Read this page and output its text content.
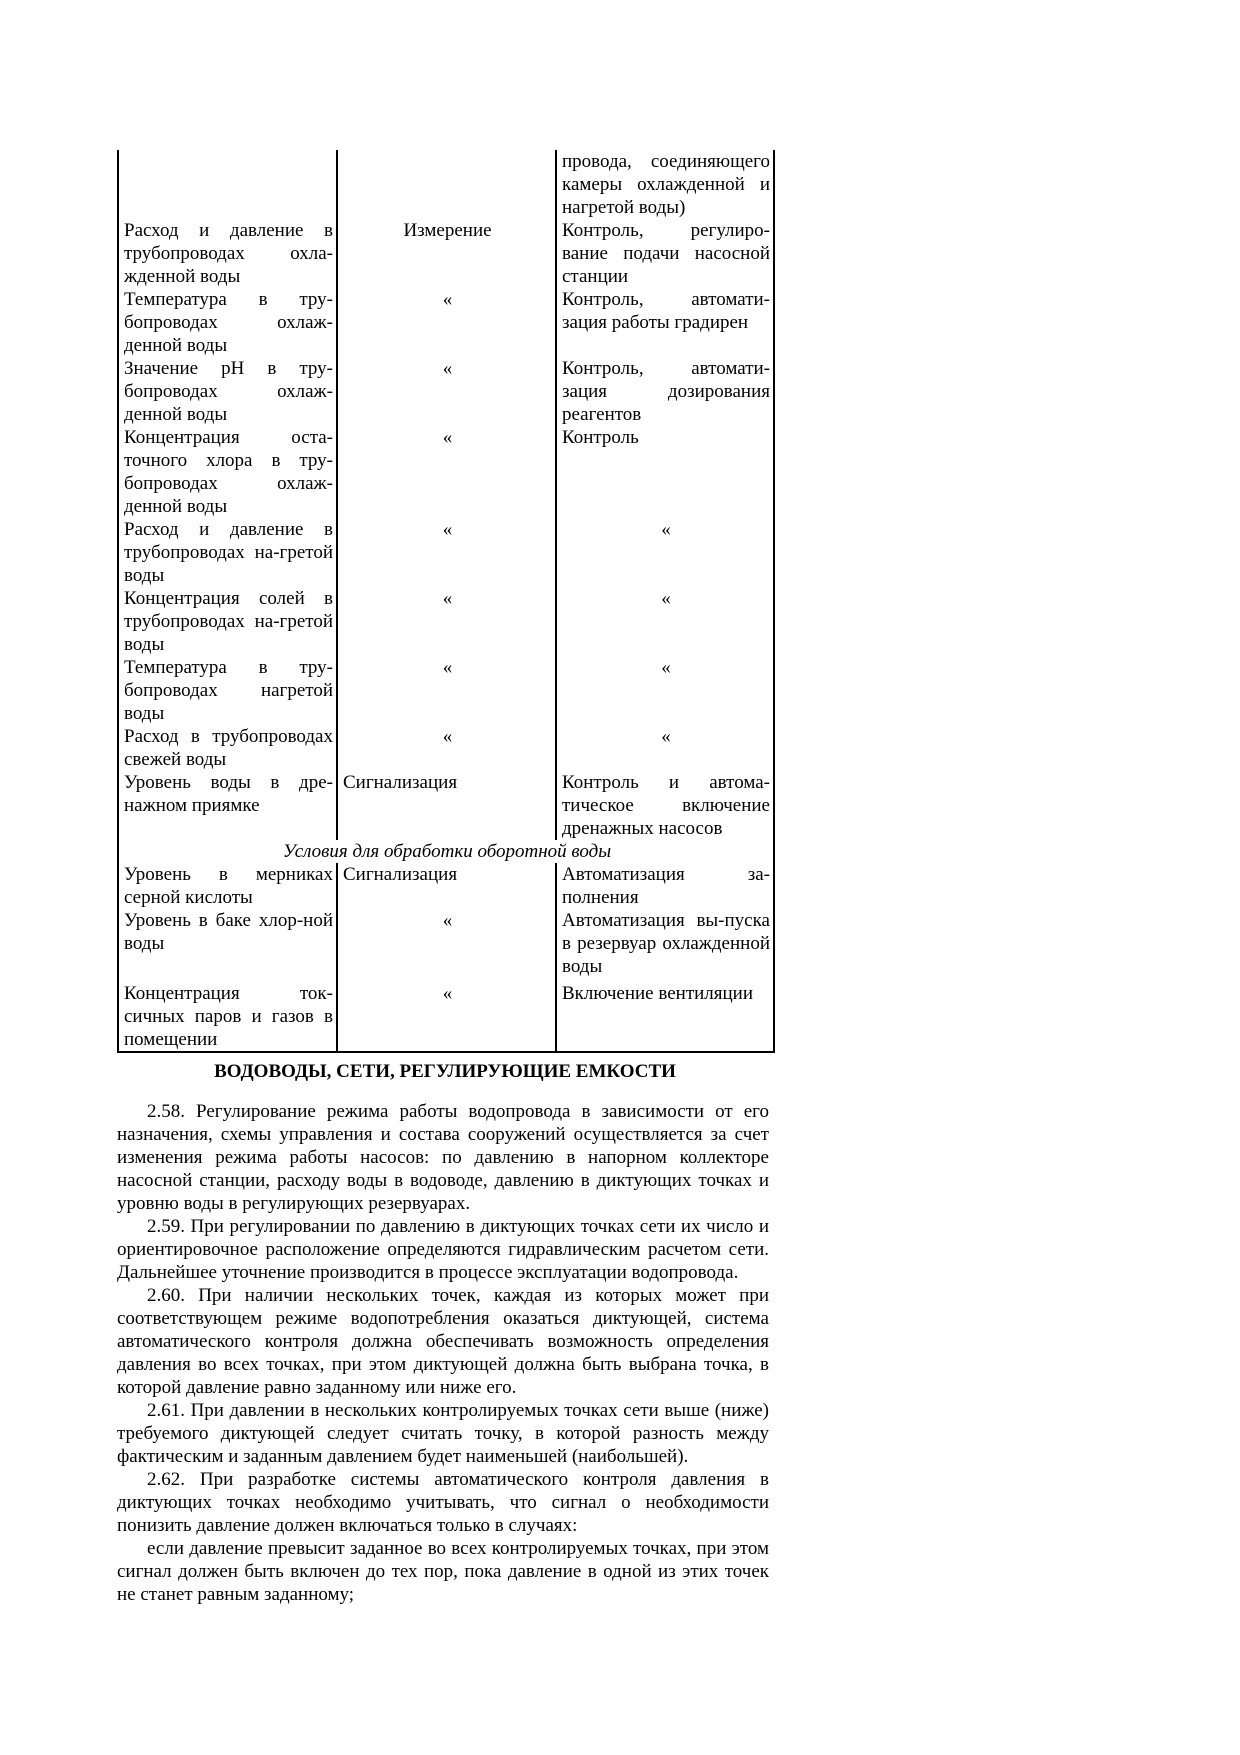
		провода, соединяющего камеры охлажденной и нагретой воды)
Расход и давление в трубопроводах охла-жденной воды	Измерение	Контроль, регулиро-вание подачи насосной станции
Температура в тру-бопроводах охлаж-денной воды	«	Контроль, автомати-зация работы градирен
Значение pH в тру-бопроводах охлаж-денной воды	«	Контроль, автомати-зация дозирования реагентов
Концентрация оста-точного хлора в тру-бопроводах охлаж-денной воды	«	Контроль
Расход и давление в трубопроводах на-гретой воды	«	«
Концентрация солей в трубопроводах на-гретой воды	«	«
Температура в тру-бопроводах нагретой воды	«	«
Расход в трубопроводах свежей воды	«	«
Уровень воды в дре-нажном приямке	Сигнализация	Контроль и автома-тическое включение дренажных насосов
Условия для обработки оборотной воды		
Уровень в мерниках серной кислоты	Сигнализация	Автоматизация за-полнения
Уровень в баке хлор-ной воды	«	Автоматизация вы-пуска в резервуар охлажденной воды
Концентрация ток-сичных паров и газов в помещении	«	Включение вентиляции
ВОДОВОДЫ, СЕТИ, РЕГУЛИРУЮЩИЕ ЕМКОСТИ

2.58. Регулирование режима работы водопровода в зависимости от его назначения, схемы управления и состава сооружений осуществляется за счет изменения режима работы насосов: по давлению в напорном коллекторе насосной станции, расходу воды в водоводе, давлению в диктующих точках и уровню воды в регулирующих резервуарах.

2.59. При регулировании по давлению в диктующих точках сети их число и ориентировочное расположение определяются гидравлическим расчетом сети. Дальнейшее уточнение производится в процессе эксплуатации водопровода.

2.60. При наличии нескольких точек, каждая из которых может при соответствующем режиме водопотребления оказаться диктующей, система автоматического контроля должна обеспечивать возможность определения давления во всех точках, при этом диктующей должна быть выбрана точка, в которой давление равно заданному или ниже его.

2.61. При давлении в нескольких контролируемых точках сети выше (ниже) требуемого диктующей следует считать точку, в которой разность между фактическим и заданным давлением будет наименьшей (наибольшей).

2.62. При разработке системы автоматического контроля давления в диктующих точках необходимо учитывать, что сигнал о необходимости понизить давление должен включаться только в случаях:

если давление превысит заданное во всех контролируемых точках, при этом сигнал должен быть включен до тех пор, пока давление в одной из этих точек не станет равным заданному;
